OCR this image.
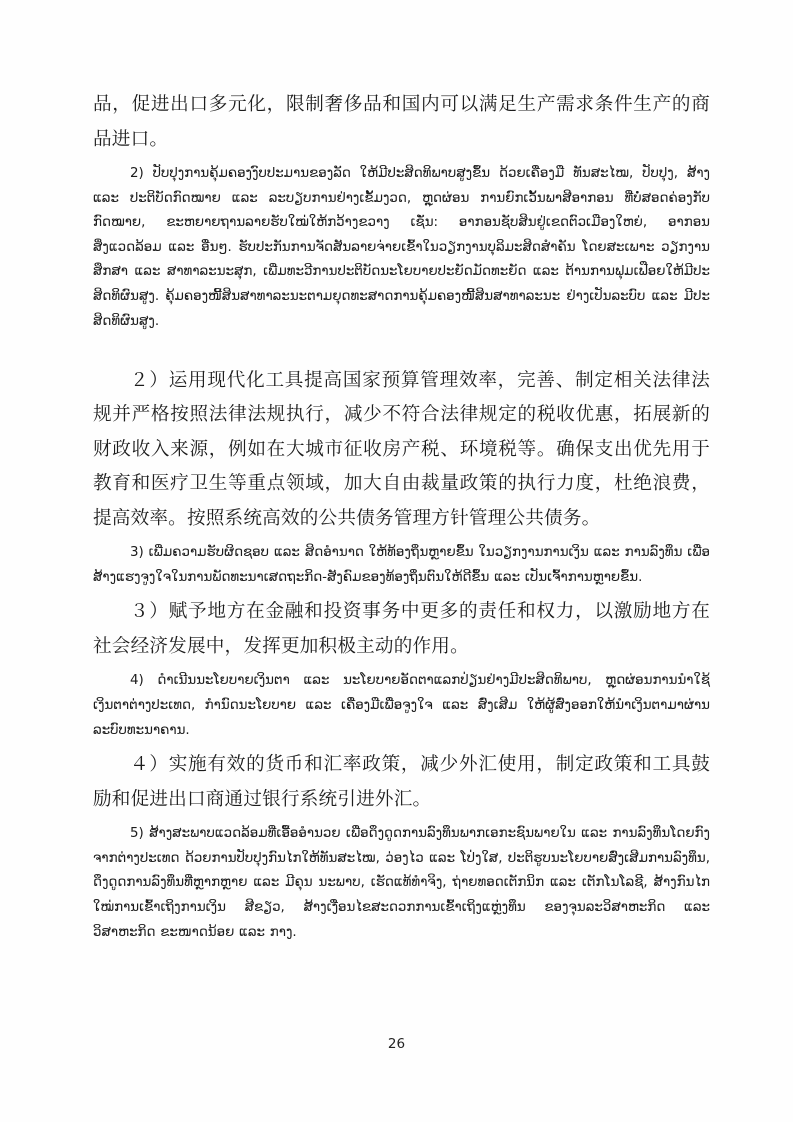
品，促进出口多元化，限制奢侈品和国内可以满足生产需求条件生产的商品进口。

2) ປັບປຸງການຄຸ້ມຄອງງົບປະມານຂອງລັດ ໃຫ້ມີປະສິດທິພາບສູງຂຶ້ນ ດ້ວຍເຄື່ອງມື ທັນສະໄໝ, ປັບປຸງ, ສ້າງ ແລະ ປະຕິບັດກົດໝາຍ ແລະ ລະບຽບການຢ່າງເຂັ້ມງວດ, ຫຼຸດຜ່ອນ ການຍົກເວັ້ນພາສີອາກອນ ທີ່ບໍ່ສອດຄ່ອງກັບກົດໝາຍ, ຂະຫຍາຍຖານລາຍຮັບໃໝ່ໃຫ້ກວ້າງຂວາງ ເຊັ່ນ: ອາກອນຊັບສິນຢູ່ເຂດຕົວເມືອງໃຫຍ່, ອາກອນສິ່ງແວດລ້ອມ ແລະ ອື່ນໆ. ຮັບປະກັນການຈັດສັນລາຍຈ່າຍເຂົ້າໃນວຽກງານບຸລິມະສິດສຳຄັນ ໂດຍສະເພາະ ວຽກງານສຶກສາ ແລະ ສາທາລະນະສຸກ, ເພີ່ມທະວີການປະຕິບັດນະໂຍບາຍປະຍັດມັດທະຍັດ ແລະ ຕ້ານການຟຸມເຟືອຍໃຫ້ມີປະສິດທິຜົນສູງ. ຄຸ້ມຄອງໜີ້ສິນສາທາລະນະຕາມຍຸດທະສາດການຄຸ້ມຄອງໜີ້ສິນສາທາລະນະ ຢ່າງເປັນລະບົບ ແລະ ມີປະສິດທິຜົນສູງ.

２）运用现代化工具提高国家预算管理效率，完善、制定相关法律法规并严格按照法律法规执行，减少不符合法律规定的税收优惠，拓展新的财政收入来源，例如在大城市征收房产税、环境税等。确保支出优先用于教育和医疗卫生等重点领域，加大自由裁量政策的执行力度，杜绝浪费，提高效率。按照系统高效的公共债务管理方针管理公共债务。

3) ເພີ່ມຄວາມຮັບຜິດຊອບ ແລະ ສິດອຳນາດ ໃຫ້ທ້ອງຖິ່ນຫຼາຍຂຶ້ນ ໃນວຽກງານການເງິນ ແລະ ການລົງທຶນ ເພື່ອສ້າງແຮງຈູງໃຈໃນການພັດທະນາເສດຖະກິດ-ສັງຄົມຂອງທ້ອງຖິ່ນຕົນໃຫ້ດີຂຶ້ນ ແລະ ເປັນເຈົ້າການຫຼາຍຂຶ້ນ.

３）赋予地方在金融和投资事务中更多的责任和权力，以激励地方在社会经济发展中，发挥更加积极主动的作用。

4) ດຳເນີນນະໂຍບາຍເງິນຕາ ແລະ ນະໂຍບາຍອັດຕາແລກປ່ຽນຢ່າງມີປະສິດທິພາບ, ຫຼຸດຜ່ອນການນຳໃຊ້ເງິນຕາຕ່າງປະເທດ, ກຳນົດນະໂຍບາຍ ແລະ ເຄື່ອງມືເພື່ອຈູງໃຈ ແລະ ສົ່ງເສີມ ໃຫ້ຜູ້ສົ່ງອອກໃຫ້ນຳເງິນຕາມາຜ່ານລະບົບທະນາຄານ.

４）实施有效的货币和汇率政策，减少外汇使用，制定政策和工具鼓励和促进出口商通过银行系统引进外汇。

5) ສ້າງສະພາບແວດລ້ອມທີ່ເອື້ອອຳນວຍ ເພື່ອດຶງດູດການລົງທຶນພາກເອກະຊົນພາຍໃນ ແລະ ການລົງທຶນໂດຍກົງຈາກຕ່າງປະເທດ ດ້ວຍການປັບປຸງກົນໄກໃຫ້ທັນສະໄໝ, ວ່ອງໄວ ແລະ ໂປ່ງໃສ, ປະຕິຮູບນະໂຍບາຍສົ່ງເສີມການລົງທຶນ, ດຶງດູດການລົງທຶນທີ່ຫຼາກຫຼາຍ ແລະ ມີຄຸນ ນະພາບ, ເຮັດແທ້ທຳຈິງ, ຖ່າຍທອດເຕັກນິກ ແລະ ເຕັກໂນໂລຊີ, ສ້າງກົນໄກໃໝ່ການເຂົ້າເຖິງການເງິນ ສີຂຽວ, ສ້າງເງື່ອນໄຂສະດວກການເຂົ້າເຖິງແຫຼ່ງທຶນ ຂອງຈຸນລະວິສາຫະກິດ ແລະ ວິສາຫະກິດ ຂະໜາດນ້ອຍ ແລະ ກາງ.

26
